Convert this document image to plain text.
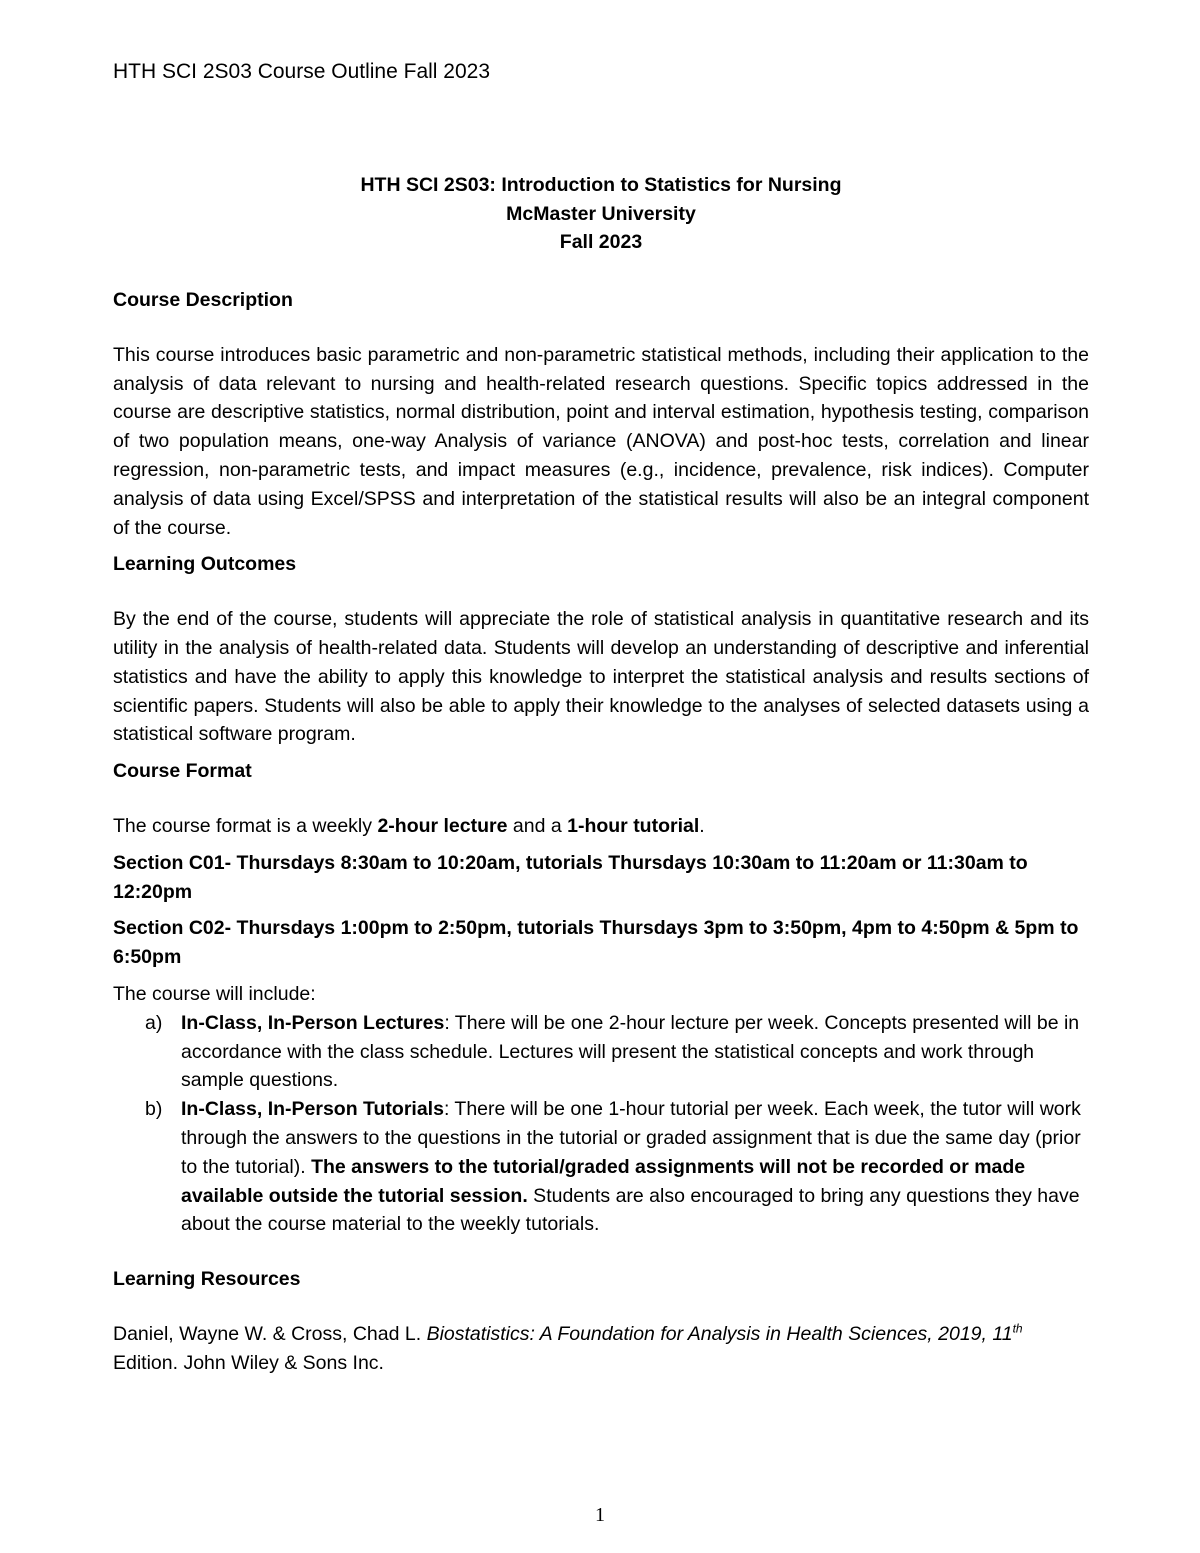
HTH SCI 2S03 Course Outline Fall 2023
HTH SCI 2S03: Introduction to Statistics for Nursing
McMaster University
Fall 2023

Course Description

This course introduces basic parametric and non-parametric statistical methods, including their application to the analysis of data relevant to nursing and health-related research questions. Specific topics addressed in the course are descriptive statistics, normal distribution, point and interval estimation, hypothesis testing, comparison of two population means, one-way Analysis of variance (ANOVA) and post-hoc tests, correlation and linear regression, non-parametric tests, and impact measures (e.g., incidence, prevalence, risk indices). Computer analysis of data using Excel/SPSS and interpretation of the statistical results will also be an integral component of the course.

Learning Outcomes

By the end of the course, students will appreciate the role of statistical analysis in quantitative research and its utility in the analysis of health-related data. Students will develop an understanding of descriptive and inferential statistics and have the ability to apply this knowledge to interpret the statistical analysis and results sections of scientific papers. Students will also be able to apply their knowledge to the analyses of selected datasets using a statistical software program.

Course Format

The course format is a weekly 2-hour lecture and a 1-hour tutorial.

Section C01- Thursdays 8:30am to 10:20am, tutorials Thursdays 10:30am to 11:20am or 11:30am to 12:20pm

Section C02- Thursdays 1:00pm to 2:50pm, tutorials Thursdays 3pm to 3:50pm, 4pm to 4:50pm & 5pm to 6:50pm

The course will include:

a) In-Class, In-Person Lectures: There will be one 2-hour lecture per week. Concepts presented will be in accordance with the class schedule. Lectures will present the statistical concepts and work through sample questions.
b) In-Class, In-Person Tutorials: There will be one 1-hour tutorial per week. Each week, the tutor will work through the answers to the questions in the tutorial or graded assignment that is due the same day (prior to the tutorial). The answers to the tutorial/graded assignments will not be recorded or made available outside the tutorial session. Students are also encouraged to bring any questions they have about the course material to the weekly tutorials.

Learning Resources

Daniel, Wayne W. & Cross, Chad L. Biostatistics: A Foundation for Analysis in Health Sciences, 2019, 11th Edition. John Wiley & Sons Inc.

1
